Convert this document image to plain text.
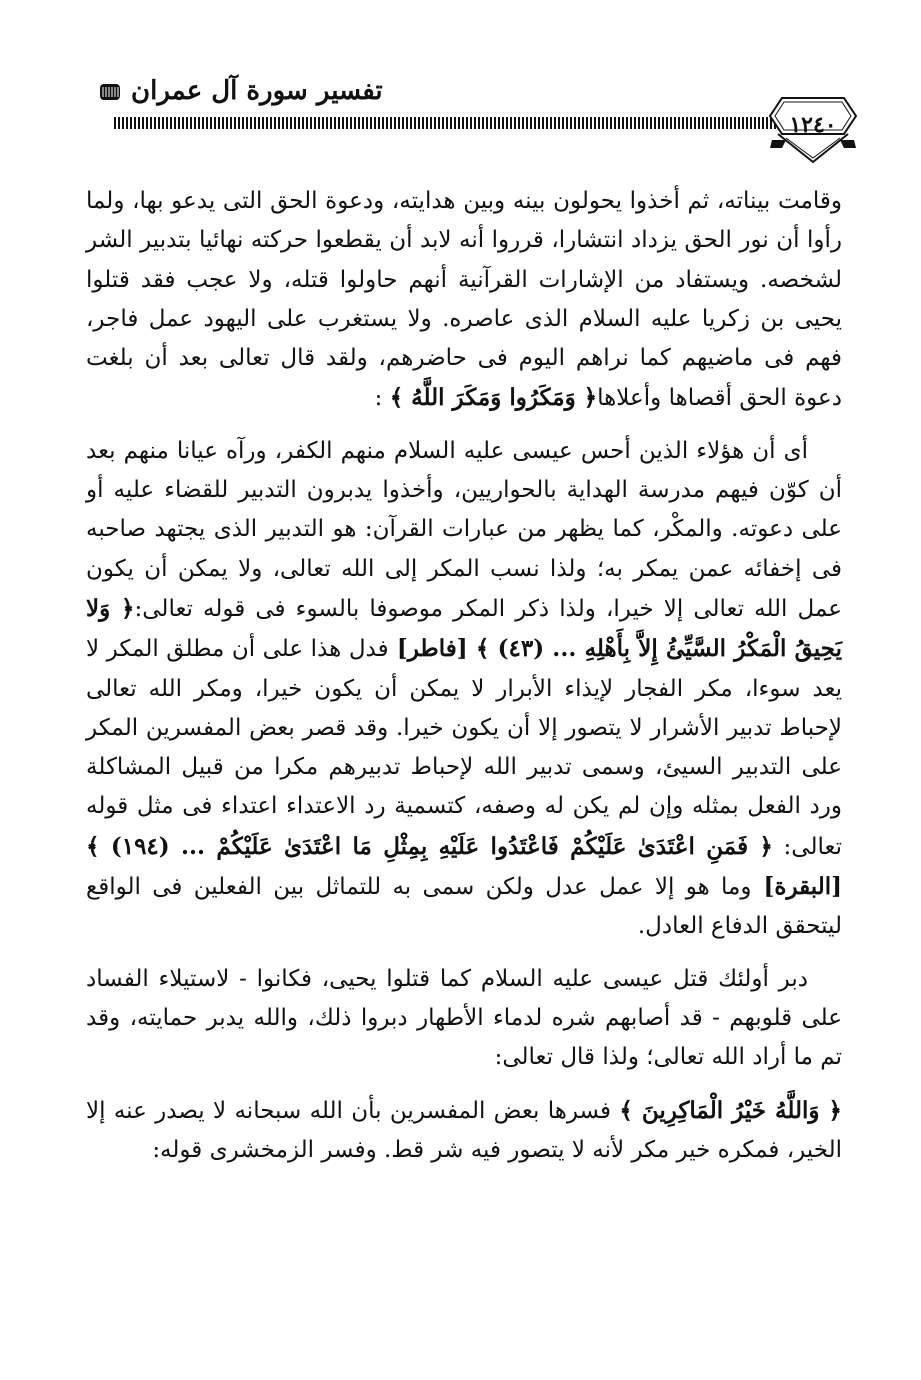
تفسير سورة آل عمران
١٢٤٠

وقامت بيناته، ثم أخذوا يحولون بينه وبين هدايته، ودعوة الحق التى يدعو بها، ولما رأوا أن نور الحق يزداد انتشارا، قرروا أنه لابد أن يقطعوا حركته نهائيا بتدبير الشر لشخصه. ويستفاد من الإشارات القرآنية أنهم حاولوا قتله، ولا عجب فقد قتلوا يحيى بن زكريا عليه السلام الذى عاصره. ولا يستغرب على اليهود عمل فاجر، فهم فى ماضيهم كما نراهم اليوم فى حاضرهم، ولقد قال تعالى بعد أن بلغت دعوة الحق أقصاها وأعلاها﴿ وَمَكَرُوا وَمَكَرَ اللَّهُ ﴾ :

أى أن هؤلاء الذين أحس عيسى عليه السلام منهم الكفر، ورآه عيانا منهم بعد أن كوّن فيهم مدرسة الهداية بالحواريين، وأخذوا يدبرون التدبير للقضاء عليه أو على دعوته. والمكْر، كما يظهر من عبارات القرآن: هو التدبير الذى يجتهد صاحبه فى إخفائه عمن يمكر به؛ ولذا نسب المكر إلى الله تعالى، ولا يمكن أن يكون عمل الله تعالى إلا خيرا، ولذا ذكر المكر موصوفا بالسوء فى قوله تعالى:﴿ وَلا يَحِيقُ الْمَكْرُ السَّيِّئُ إِلاَّ بِأَهْلِهِ ... (٤٣) ﴾ [فاطر] فدل هذا على أن مطلق المكر لا يعد سوءا، مكر الفجار لإيذاء الأبرار لا يمكن أن يكون خيرا، ومكر الله تعالى لإحباط تدبير الأشرار لا يتصور إلا أن يكون خيرا. وقد قصر بعض المفسرين المكر على التدبير السيئ، وسمى تدبير الله لإحباط تدبيرهم مكرا من قبيل المشاكلة ورد الفعل بمثله وإن لم يكن له وصفه، كتسمية رد الاعتداء اعتداء فى مثل قوله تعالى: ﴿ فَمَنِ اعْتَدَىٰ عَلَيْكُمْ فَاعْتَدُوا عَلَيْهِ بِمِثْلِ مَا اعْتَدَىٰ عَلَيْكُمْ ... (١٩٤) ﴾ [البقرة] وما هو إلا عمل عدل ولكن سمى به للتماثل بين الفعلين فى الواقع ليتحقق الدفاع العادل.

دبر أولئك قتل عيسى عليه السلام كما قتلوا يحيى، فكانوا - لاستيلاء الفساد على قلوبهم - قد أصابهم شره لدماء الأطهار دبروا ذلك، والله يدبر حمايته، وقد تم ما أراد الله تعالى؛ ولذا قال تعالى:

﴿ وَاللَّهُ خَيْرُ الْمَاكِرِينَ ﴾ فسرها بعض المفسرين بأن الله سبحانه لا يصدر عنه إلا الخير، فمكره خير مكر لأنه لا يتصور فيه شر قط. وفسر الزمخشرى قوله:
